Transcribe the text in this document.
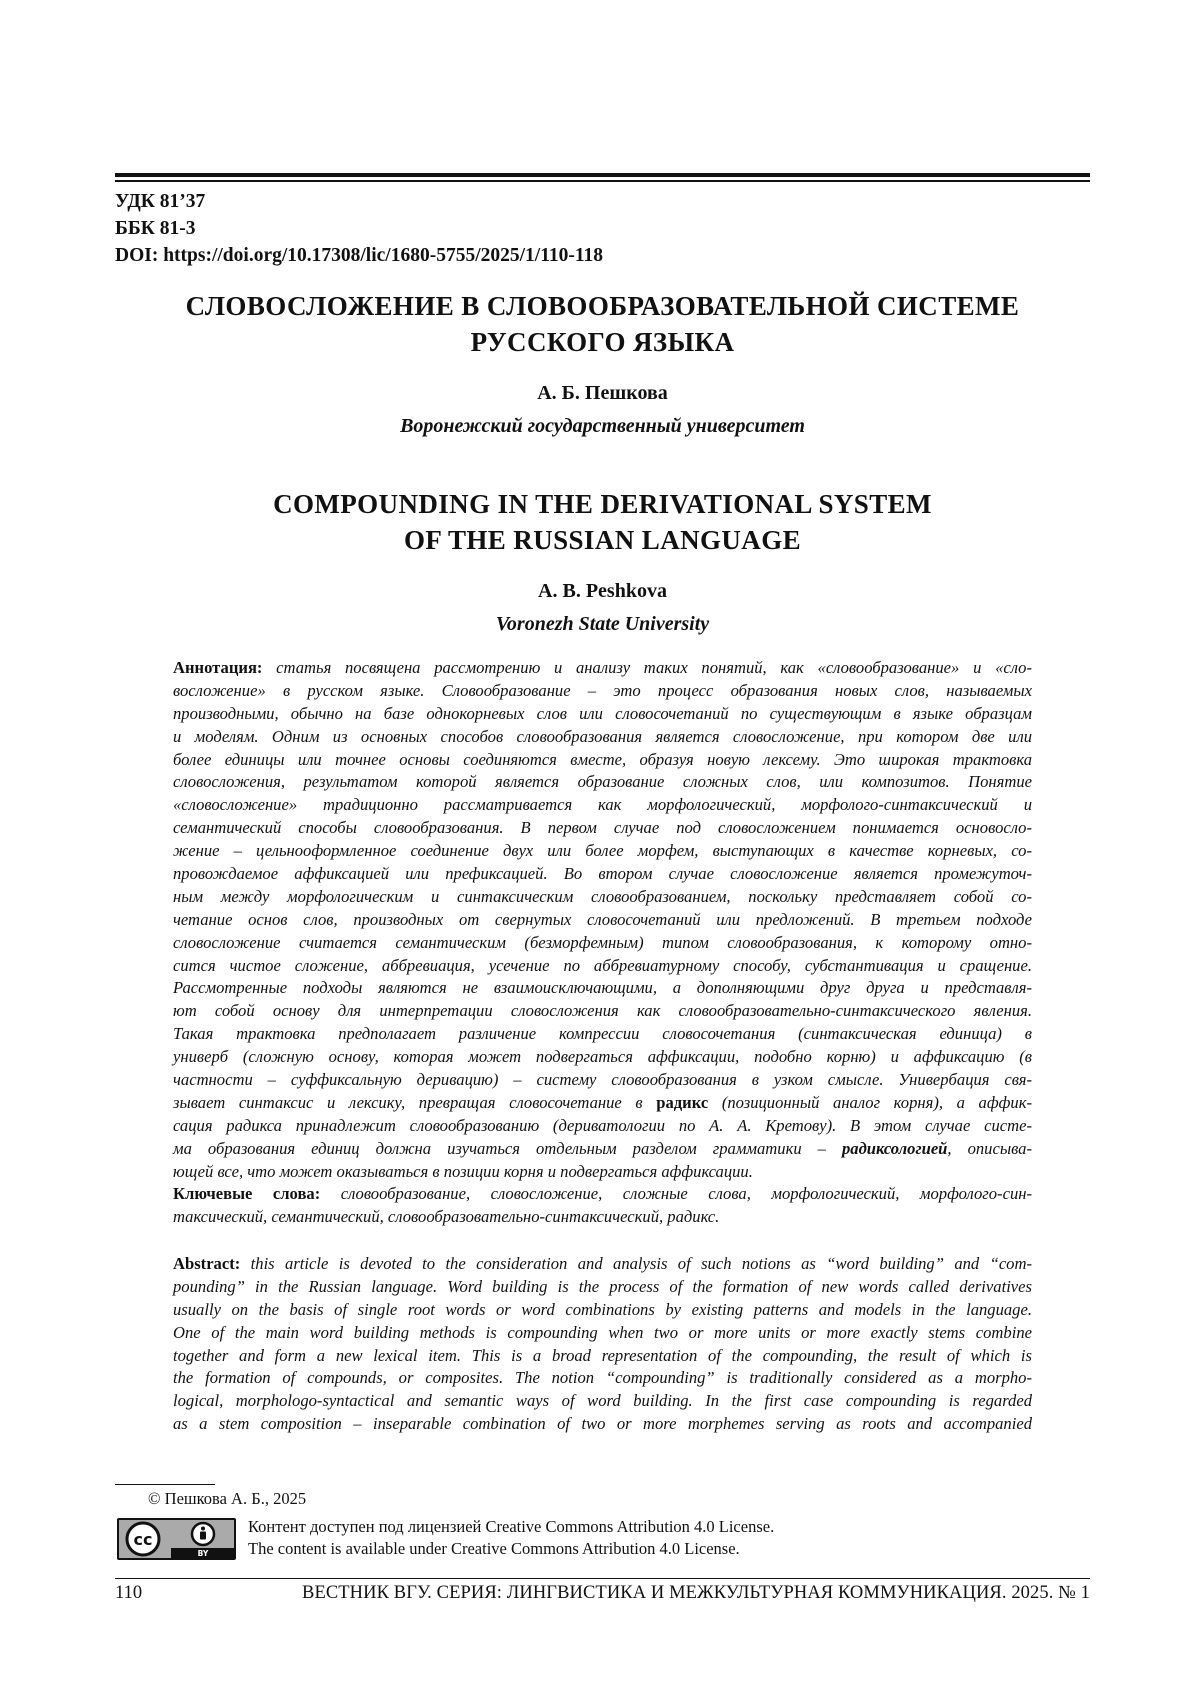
УДК 81’37
ББК 81-3
DOI: https://doi.org/10.17308/lic/1680-5755/2025/1/110-118
СЛОВОСЛОЖЕНИЕ В СЛОВООБРАЗОВАТЕЛЬНОЙ СИСТЕМЕ
РУССКОГО ЯЗЫКА
А. Б. Пешкова
Воронежский государственный университет
COMPOUNDING IN THE DERIVATIONAL SYSTEM
OF THE RUSSIAN LANGUAGE
A. B. Peshkova
Voronezh State University
Аннотация: статья посвящена рассмотрению и анализу таких понятий, как «словообразование» и «сло-
восложение» в русском языке. Словообразование – это процесс образования новых слов, называемых
производными, обычно на базе однокорневых слов или словосочетаний по существующим в языке образцам
и моделям. Одним из основных способов словообразования является словосложение, при котором две или
более единицы или точнее основы соединяются вместе, образуя новую лексему. Это широкая трактовка
словосложения, результатом которой является образование сложных слов, или композитов. Понятие
«словосложение» традиционно рассматривается как морфологический, морфолого-синтаксический и
семантический способы словообразования. В первом случае под словосложением понимается основосло-
жение – цельнооформленное соединение двух или более морфем, выступающих в качестве корневых, со-
провождаемое аффиксацией или префиксацией. Во втором случае словосложение является промежуточ-
ным между морфологическим и синтаксическим словообразованием, поскольку представляет собой со-
четание основ слов, производных от свернутых словосочетаний или предложений. В третьем подходе
словосложение считается семантическим (безморфемным) типом словообразования, к которому отно-
сится чистое сложение, аббревиация, усечение по аббревиатурному способу, субстантивация и сращение.
Рассмотренные подходы являются не взаимоисключающими, а дополняющими друг друга и представля-
ют собой основу для интерпретации словосложения как словообразовательно-синтаксического явления.
Такая трактовка предполагает различение компрессии словосочетания (синтаксическая единица) в
универб (сложную основу, которая может подвергаться аффиксации, подобно корню) и аффиксацию (в
частности – суффиксальную деривацию) – систему словообразования в узком смысле. Универбация свя-
зывает синтаксис и лексику, превращая словосочетание в радикс (позиционный аналог корня), а аффик-
сация радикса принадлежит словообразованию (дериватологии по А. А. Кретову). В этом случае систе-
ма образования единиц должна изучаться отдельным разделом грамматики – радиксологией, описыва-
ющей все, что может оказываться в позиции корня и подвергаться аффиксации.
Ключевые слова: словообразование, словосложение, сложные слова, морфологический, морфолого-син-
таксический, семантический, словообразовательно-синтаксический, радикс.
Abstract: this article is devoted to the consideration and analysis of such notions as “word building” and “com-
pounding” in the Russian language. Word building is the process of the formation of new words called derivatives
usually on the basis of single root words or word combinations by existing patterns and models in the language.
One of the main word building methods is compounding when two or more units or more exactly stems combine
together and form a new lexical item. This is a broad representation of the compounding, the result of which is
the formation of compounds, or composites. The notion “compounding” is traditionally considered as a morpho-
logical, morphologo-syntactical and semantic ways of word building. In the first case compounding is regarded
as a stem composition – inseparable combination of two or more morphemes serving as roots and accompanied
© Пешкова А. Б., 2025
cc
BY
Контент доступен под лицензией Creative Commons Attribution 4.0 License.
The content is available under Creative Commons Attribution 4.0 License.
110	ВЕСТНИК ВГУ. СЕРИЯ: ЛИНГВИСТИКА И МЕЖКУЛЬТУРНАЯ КОММУНИКАЦИЯ. 2025. № 1
